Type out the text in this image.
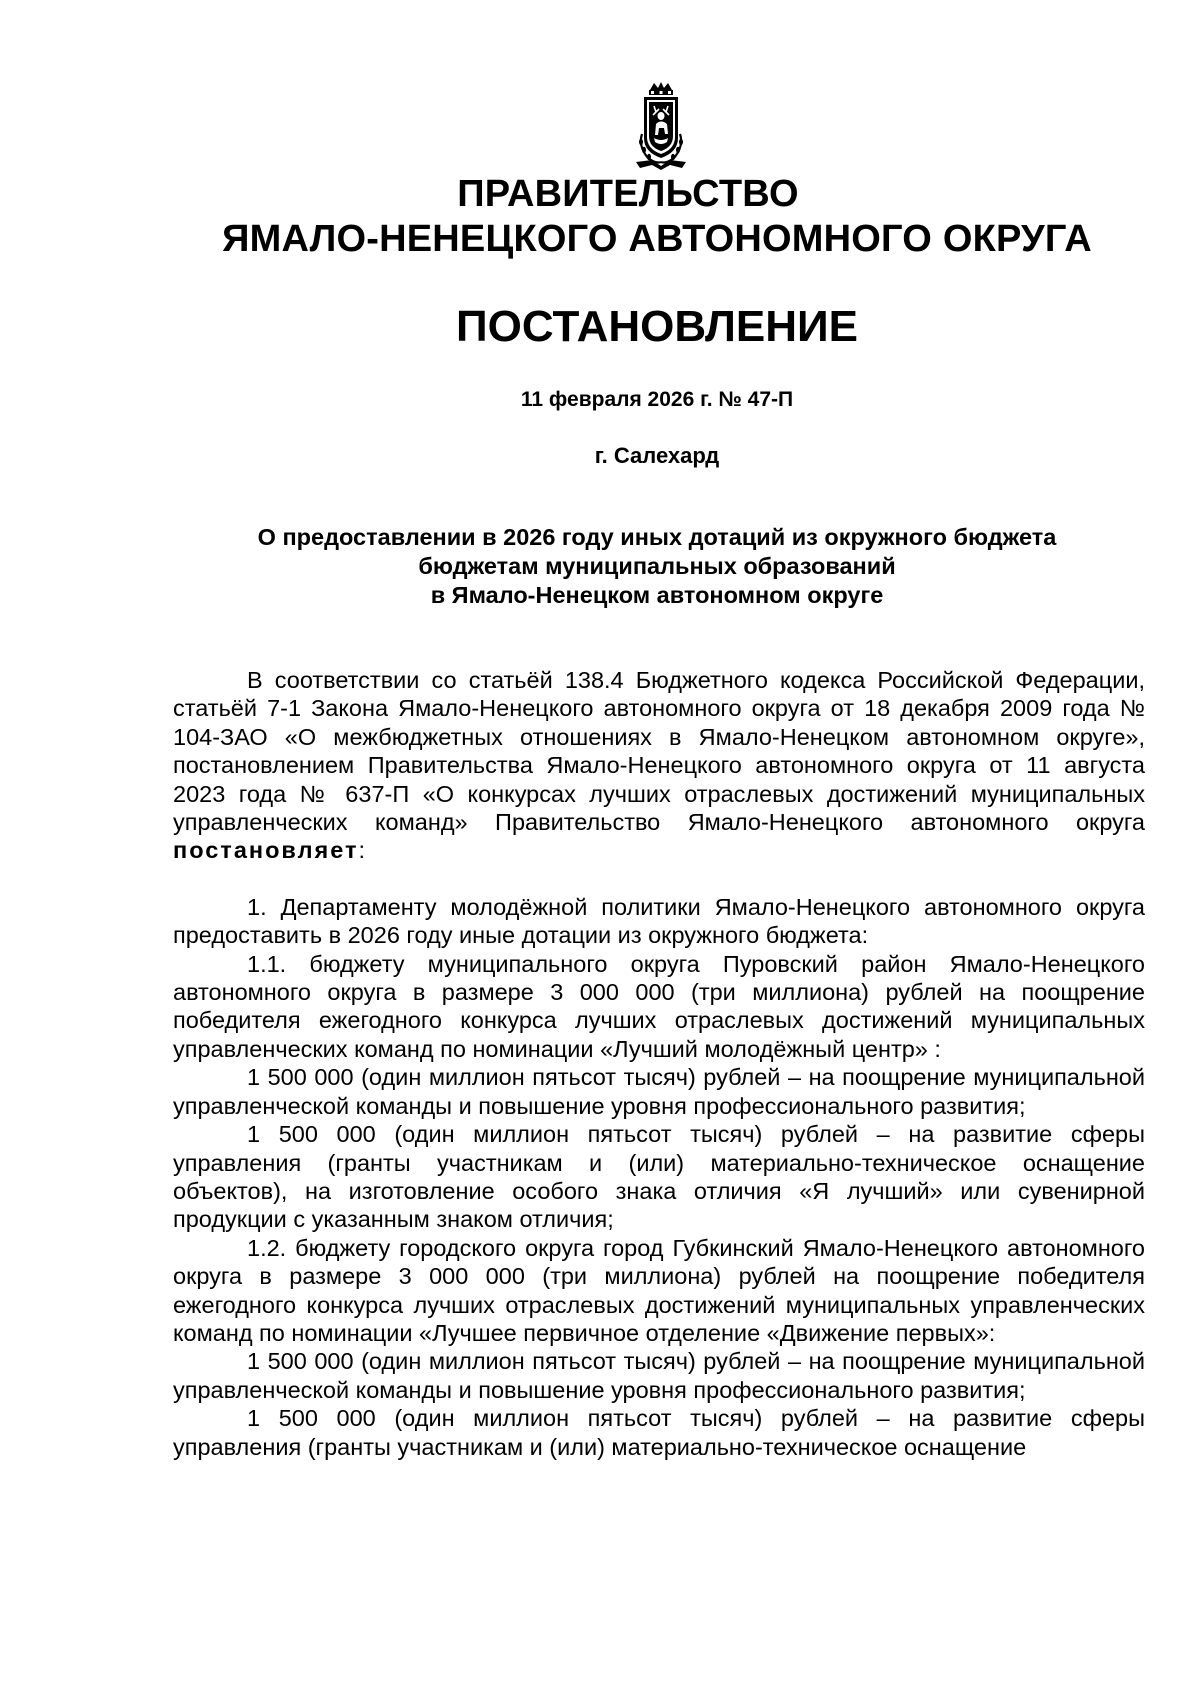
ПРАВИТЕЛЬСТВО
ЯМАЛО-НЕНЕЦКОГО АВТОНОМНОГО ОКРУГА
ПОСТАНОВЛЕНИЕ
11 февраля 2026 г. № 47-П
г. Салехард
О предоставлении в 2026 году иных дотаций из окружного бюджета
бюджетам муниципальных образований
в Ямало-Ненецком автономном округе

В соответствии со статьёй 138.4 Бюджетного кодекса Российской Федерации, статьёй 7-1 Закона Ямало-Ненецкого автономного округа от 18 декабря 2009 года № 104-ЗАО «О межбюджетных отношениях в Ямало-Ненецком автономном округе», постановлением Правительства Ямало-Ненецкого автономного округа от 11 августа 2023 года № 637-П «О конкурсах лучших отраслевых достижений муниципальных управленческих команд» Правительство Ямало-Ненецкого автономного округа постановляет:

1. Департаменту молодёжной политики Ямало-Ненецкого автономного округа предоставить в 2026 году иные дотации из окружного бюджета:

1.1. бюджету муниципального округа Пуровский район Ямало-Ненецкого автономного округа в размере 3 000 000 (три миллиона) рублей на поощрение победителя ежегодного конкурса лучших отраслевых достижений муниципальных управленческих команд по номинации «Лучший молодёжный центр» :

1 500 000 (один миллион пятьсот тысяч) рублей – на поощрение муниципальной управленческой команды и повышение уровня профессионального развития;

1 500 000 (один миллион пятьсот тысяч) рублей – на развитие сферы управления (гранты участникам и (или) материально-техническое оснащение объектов), на изготовление особого знака отличия «Я лучший» или сувенирной продукции с указанным знаком отличия;

1.2. бюджету городского округа город Губкинский Ямало-Ненецкого автономного округа в размере 3 000 000 (три миллиона) рублей на поощрение победителя ежегодного конкурса лучших отраслевых достижений муниципальных управленческих команд по номинации «Лучшее первичное отделение «Движение первых»:

1 500 000 (один миллион пятьсот тысяч) рублей – на поощрение муниципальной управленческой команды и повышение уровня профессионального развития;

1 500 000 (один миллион пятьсот тысяч) рублей – на развитие сферы управления (гранты участникам и (или) материально-техническое оснащение
